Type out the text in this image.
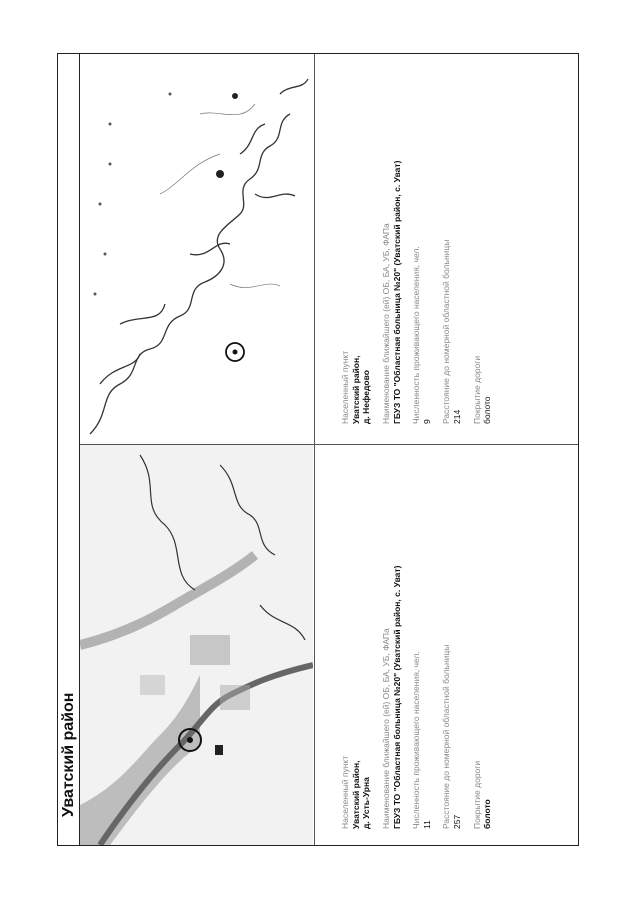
Уватский район
Населенный пункт Уватский район, д. Нефедово Наименование ближайшего (ей) ОБ, БА, УБ, ФАПа ГБУЗ ТО "Областная больница №20" (Уватский район, с. Уват) Численность проживающего населения, чел. 9 Расстояние до номерной областной больницы 214 Покрытие дороги болото
Населенный пункт Уватский район, д. Усть-Урна Наименование ближайшего (ей) ОБ, БА, УБ, ФАПа ГБУЗ ТО "Областная больница №20" (Уватский район, с. Уват) Численность проживающего населения, чел. 11 Расстояние до номерной областной больницы 257 Покрытие дороги болото
